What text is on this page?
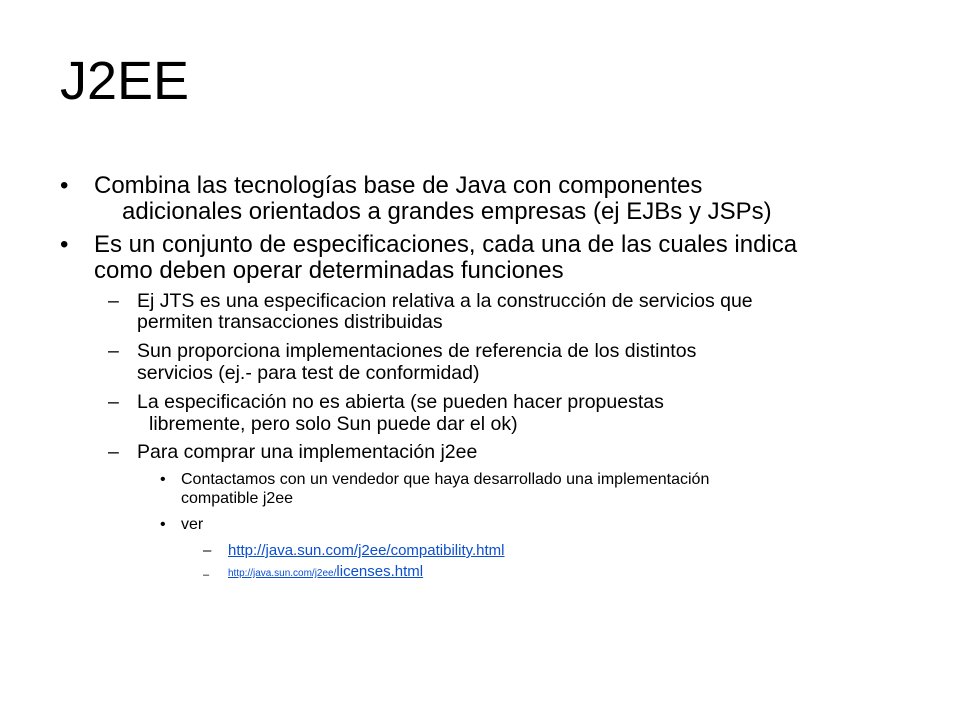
J2EE
• Combina las tecnologías base de Java con componentes

adicionales orientados a grandes empresas (ej EJBs y JSPs)

• Es un conjunto de especificaciones, cada una de las cuales indica

como deben operar determinadas funciones

– Ej JTS es una especificacion relativa a la construcción de servicios que

permiten transacciones distribuidas

– Sun proporciona implementaciones de referencia de los distintos

servicios (ej.- para test de conformidad)

– La especificación no es abierta (se pueden hacer propuestas

libremente, pero solo Sun puede dar el ok)

– Para comprar una implementación j2ee

• Contactamos con un vendedor que haya desarrollado una implementación

compatible j2ee

• ver

– http://java.sun.com/j2ee/compatibility.html
– http://java.sun.com/j2ee/licenses.html
